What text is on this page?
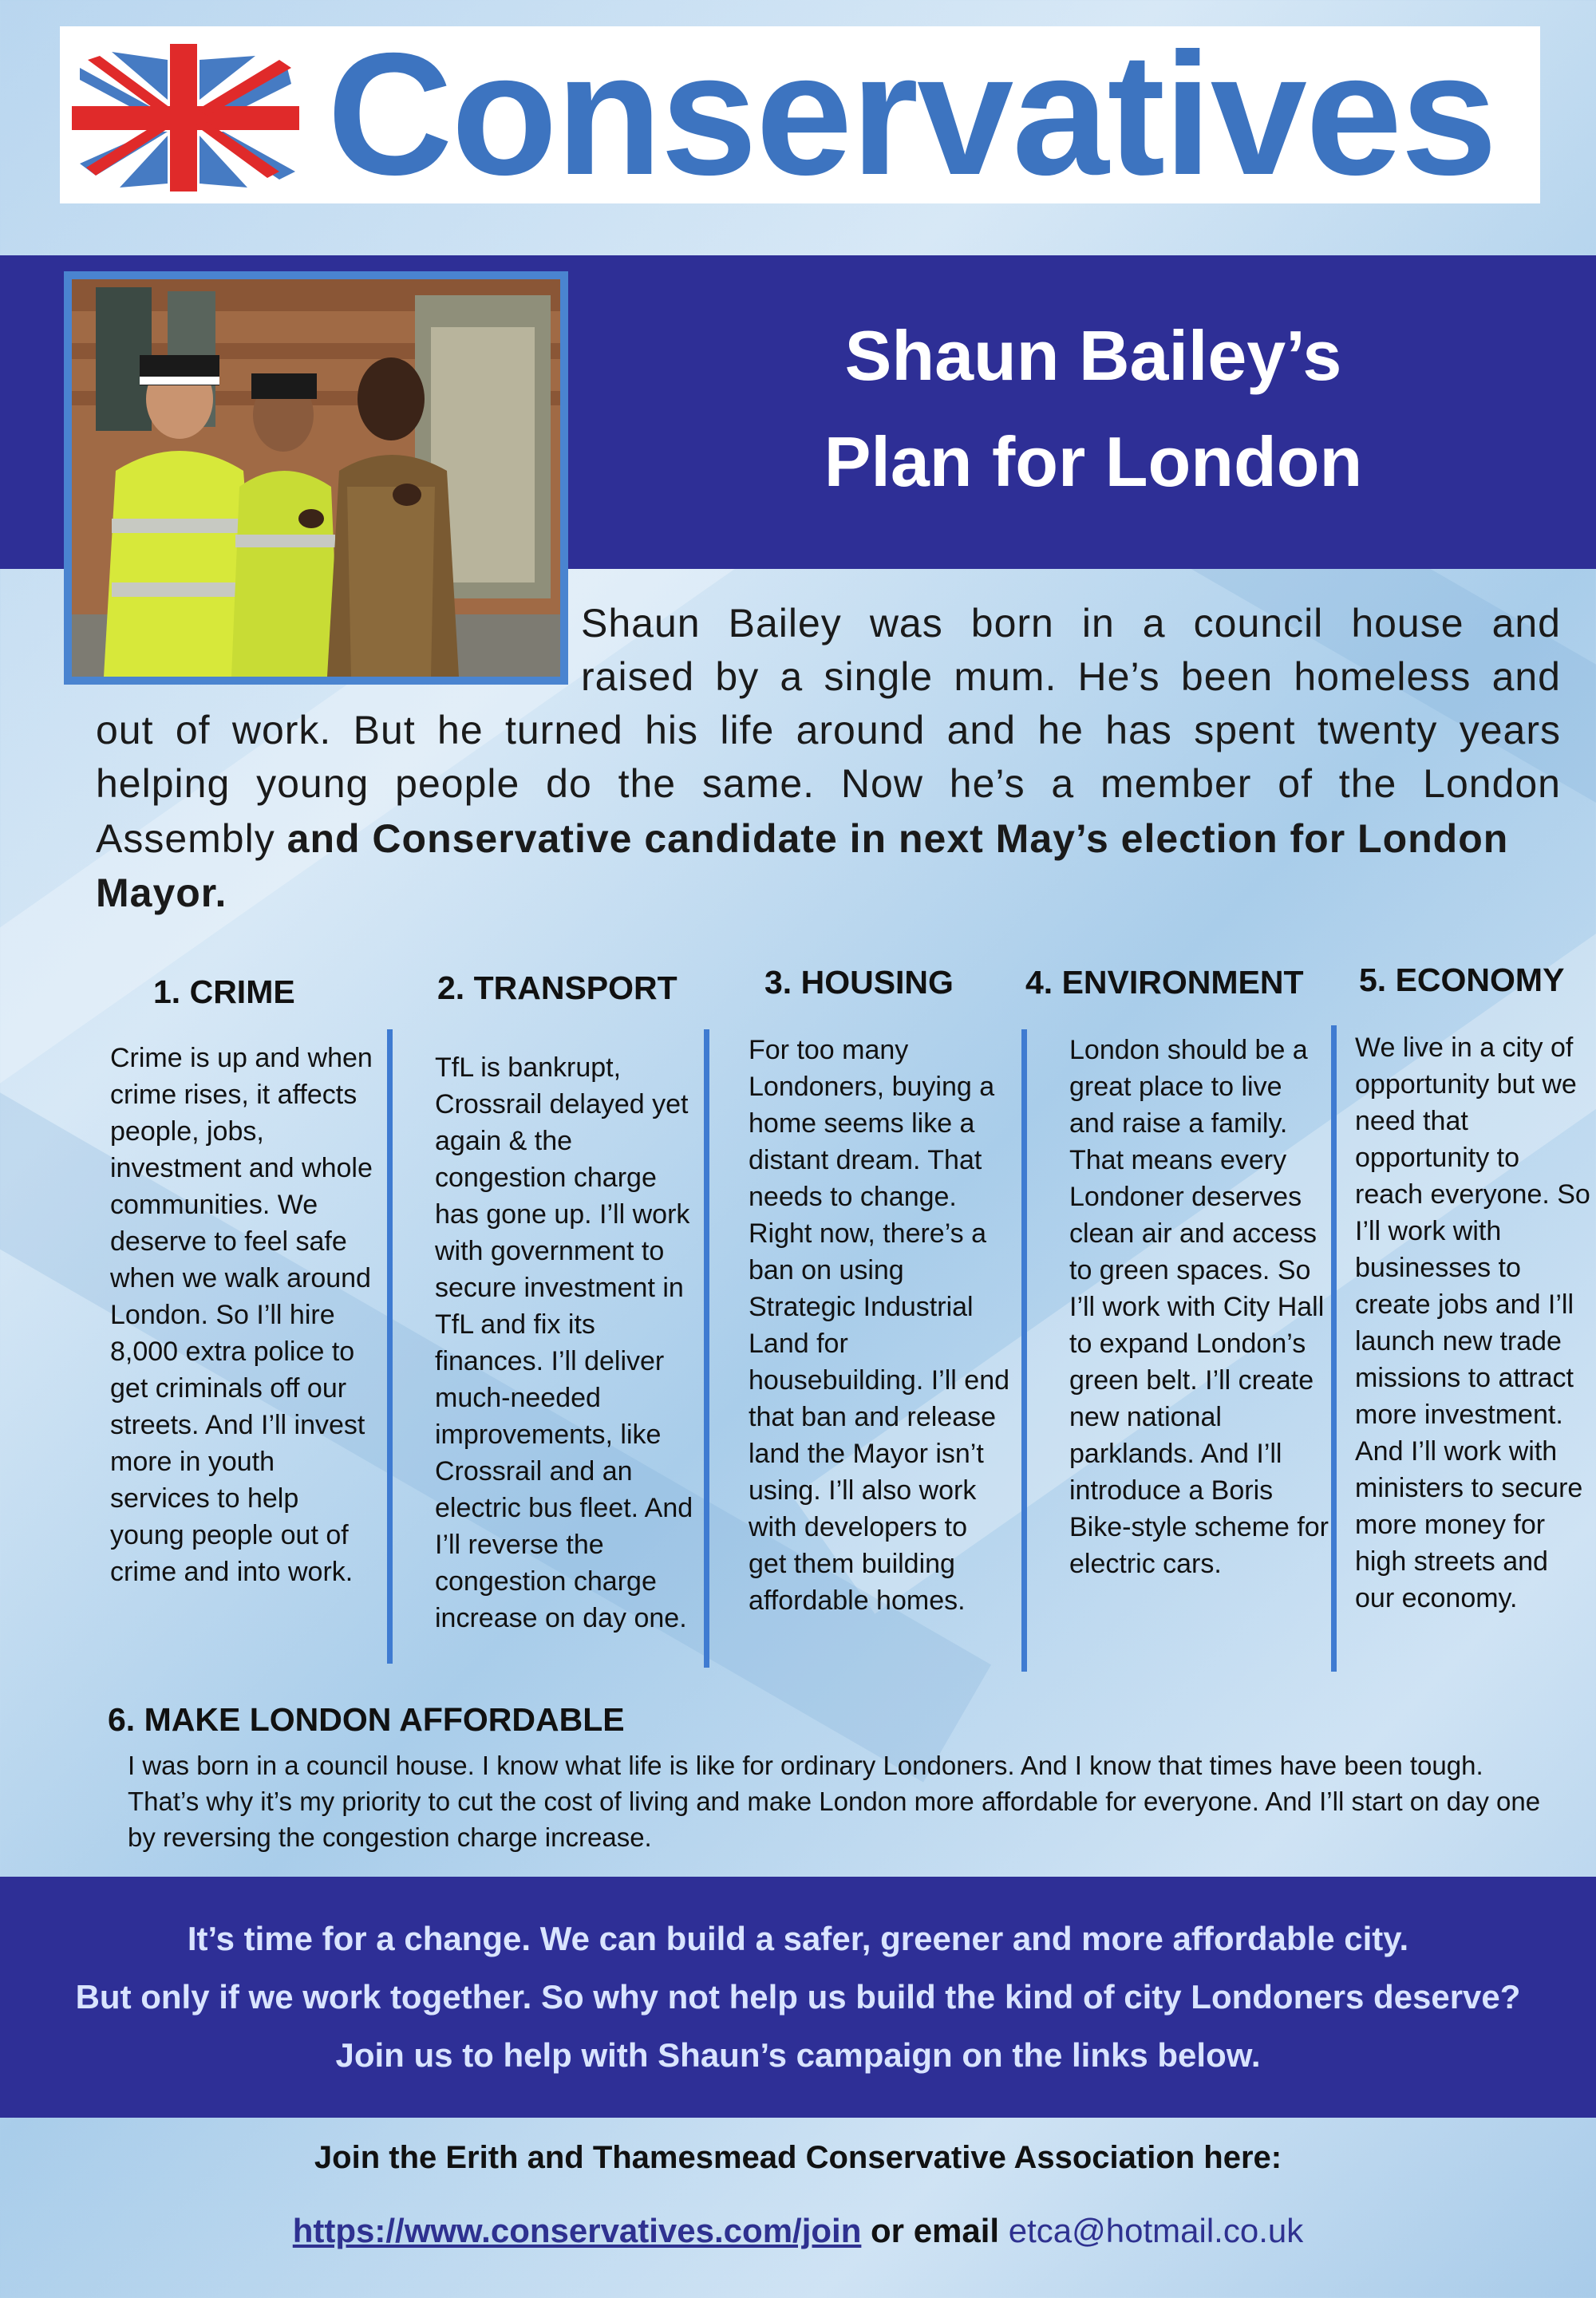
Conservatives
Shaun Bailey’s
Plan for London
Shaun Bailey was born in a council house and
raised by a single mum. He’s been homeless and
out of work. But he turned his life around and he has spent twenty years
helping young people do the same. Now he’s a member of the London
Assembly and Conservative candidate in next May’s election for London
Mayor.
1. CRIME
Crime is up and when crime rises, it affects people, jobs, investment and whole communities. We deserve to feel safe when we walk around London. So I’ll hire 8,000 extra police to get criminals off our streets. And I’ll invest more in youth services to help young people out of crime and into work.
2. TRANSPORT
TfL is bankrupt, Crossrail delayed yet again & the congestion charge has gone up. I’ll work with government to secure investment in TfL and fix its finances. I’ll deliver much-needed improvements, like Crossrail and an electric bus fleet. And I’ll reverse the congestion charge increase on day one.
3. HOUSING
For too many Londoners, buying a home seems like a distant dream. That needs to change. Right now, there’s a ban on using Strategic Industrial Land for housebuilding. I’ll end that ban and release land the Mayor isn’t using. I’ll also work with developers to get them building affordable homes.
4. ENVIRONMENT
London should be a great place to live and raise a family. That means every Londoner deserves clean air and access to green spaces. So I’ll work with City Hall to expand London’s green belt. I’ll create new national parklands. And I’ll introduce a Boris Bike-style scheme for electric cars.
5. ECONOMY
We live in a city of opportunity but we need that opportunity to reach everyone. So I’ll work with businesses to create jobs and I’ll launch new trade missions to attract more investment. And I’ll work with ministers to secure more money for high streets and our economy.
6. MAKE LONDON AFFORDABLE
I was born in a council house. I know what life is like for ordinary Londoners. And I know that times have been tough. That’s why it’s my priority to cut the cost of living and make London more affordable for everyone. And I’ll start on day one by reversing the congestion charge increase.
It’s time for a change. We can build a safer, greener and more affordable city.
But only if we work together. So why not help us build the kind of city Londoners deserve?
Join us to help with Shaun’s campaign on the links below.
Join the Erith and Thamesmead Conservative Association here:
https://www.conservatives.com/join or email etca@hotmail.co.uk
